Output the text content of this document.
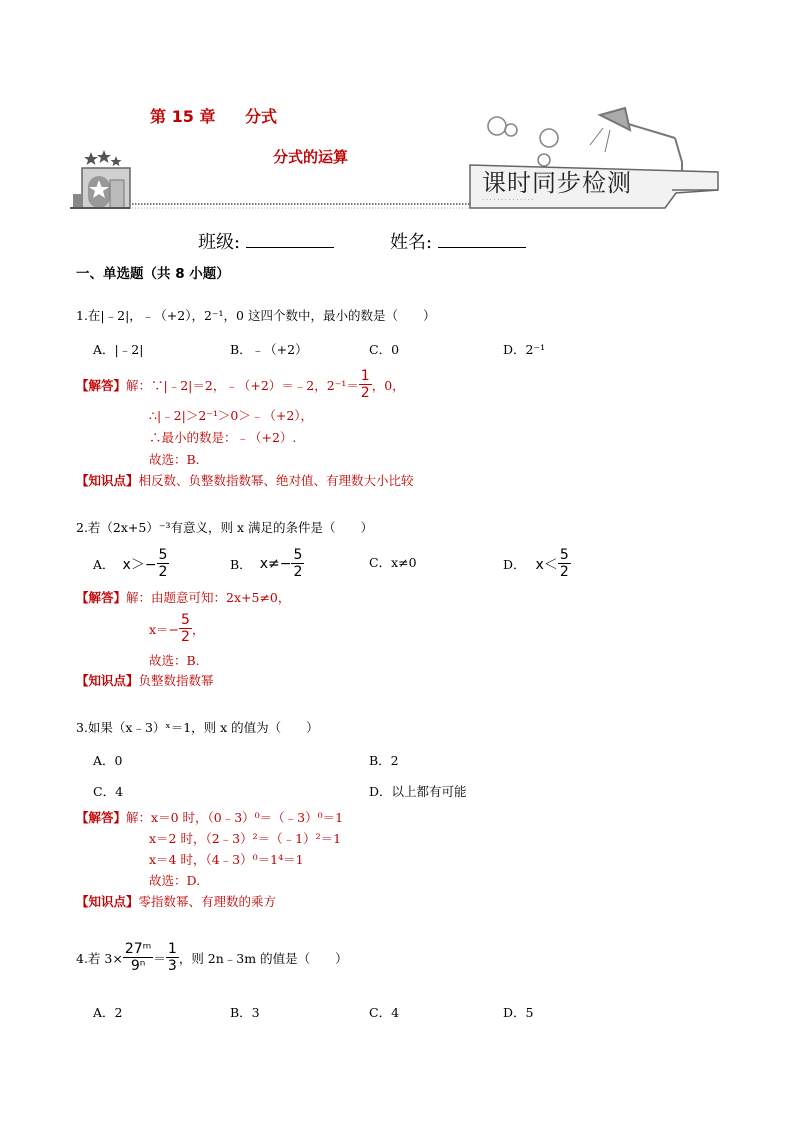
课时同步检测
· · · · · · · · · · · · · ·
第 15 章 分式
分式的运算
班级:	姓名:
一、单选题（共 8 小题）
1.在|﹣2|，﹣（+2），2⁻¹，0 这四个数中，最小的数是（　　）
A．|﹣2|	B．﹣（+2）	C．0	D．2⁻¹
【解答】 解：∵|﹣2|＝2，﹣（+2）＝﹣2，$2^{-1}= \frac{1}{2}$ ，0，
∴|﹣2|＞2⁻¹＞0＞﹣（+2），
∴最小的数是：﹣（+2）.
故选：B.
【知识点】相反数、负整数指数幂、绝对值、有理数大小比较
2.若（2x+5）⁻³有意义，则 x 满足的条件是（　　）
A． $x>- \frac{5}{2}$	B． $x\ne- \frac{5}{2}$	C．x≠0	D． $x< \frac{5}{2}$
【解答】解：由题意可知：2x+5≠0，
$x=- \frac{5}{2}$ ，
故选：B.
【知识点】负整数指数幂
3.如果（x﹣3）ˣ＝1，则 x 的值为（　　）
A．0	B．2
C．4	D．以上都有可能
【解答】解：x＝0 时，（0﹣3）⁰＝（﹣3）⁰＝1
x＝2 时，（2﹣3）²＝（﹣1）²＝1
x＝4 时，（4﹣3）⁰＝1⁴＝1
故选：D.
【知识点】零指数幂、有理数的乘方
4.若 $3\times \frac{\text{27ᵐ}}{\text{9ⁿ}} = \frac{1}{3}$ ，则 2n﹣3m 的值是（　　）
A．2	B．3	C．4	D．5
